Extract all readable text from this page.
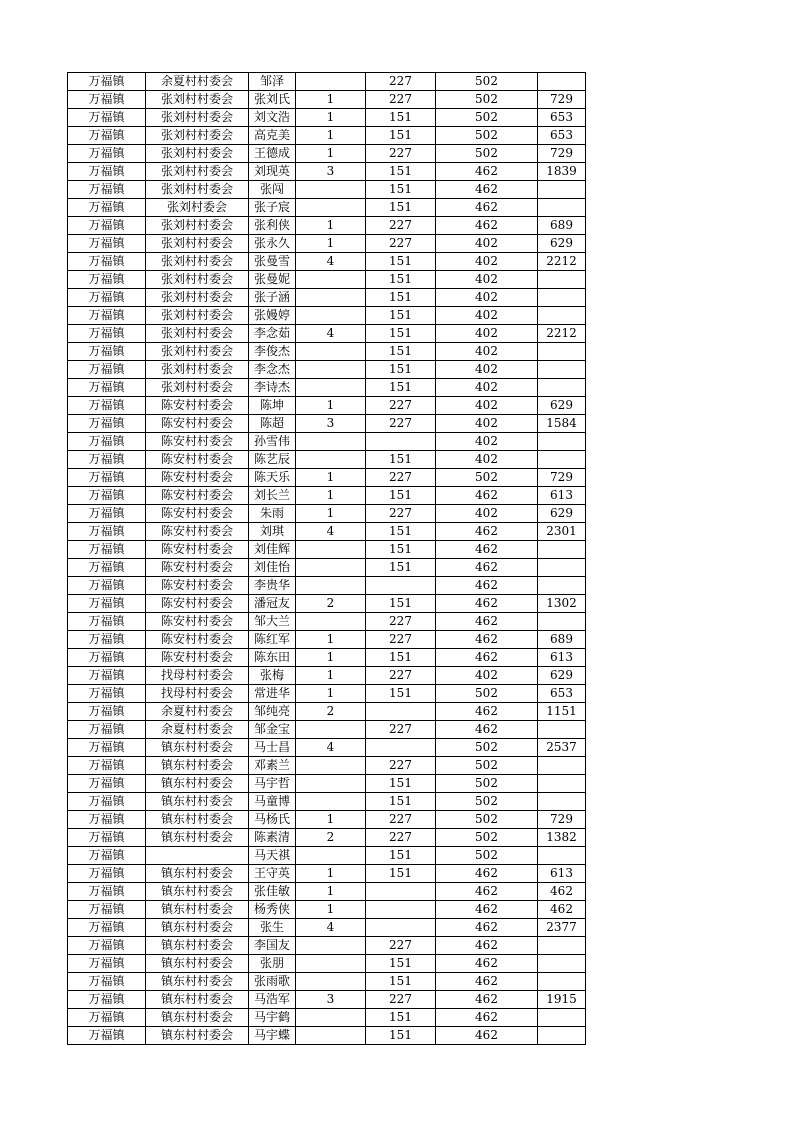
万福镇	余夏村村委会	邹泽		227	502	
万福镇	张刘村村委会	张刘氏	1	227	502	729
万福镇	张刘村村委会	刘文浩	1	151	502	653
万福镇	张刘村村委会	高克美	1	151	502	653
万福镇	张刘村村委会	王德成	1	227	502	729
万福镇	张刘村村委会	刘现英	3	151	462	1839
万福镇	张刘村村委会	张闯		151	462	
万福镇	张刘村委会	张子宸		151	462	
万福镇	张刘村村委会	张利侠	1	227	462	689
万福镇	张刘村村委会	张永久	1	227	402	629
万福镇	张刘村村委会	张曼雪	4	151	402	2212
万福镇	张刘村村委会	张曼妮		151	402	
万福镇	张刘村村委会	张子涵		151	402	
万福镇	张刘村村委会	张嫚婷		151	402	
万福镇	张刘村村委会	李念茹	4	151	402	2212
万福镇	张刘村村委会	李俊杰		151	402	
万福镇	张刘村村委会	李念杰		151	402	
万福镇	张刘村村委会	李诗杰		151	402	
万福镇	陈安村村委会	陈坤	1	227	402	629
万福镇	陈安村村委会	陈超	3	227	402	1584
万福镇	陈安村村委会	孙雪伟			402	
万福镇	陈安村村委会	陈艺辰		151	402	
万福镇	陈安村村委会	陈天乐	1	227	502	729
万福镇	陈安村村委会	刘长兰	1	151	462	613
万福镇	陈安村村委会	朱雨	1	227	402	629
万福镇	陈安村村委会	刘琪	4	151	462	2301
万福镇	陈安村村委会	刘佳辉		151	462	
万福镇	陈安村村委会	刘佳怡		151	462	
万福镇	陈安村村委会	李贵华			462	
万福镇	陈安村村委会	潘冠友	2	151	462	1302
万福镇	陈安村村委会	邹大兰		227	462	
万福镇	陈安村村委会	陈红军	1	227	462	689
万福镇	陈安村村委会	陈东田	1	151	462	613
万福镇	找母村村委会	张梅	1	227	402	629
万福镇	找母村村委会	常进华	1	151	502	653
万福镇	余夏村村委会	邹纯亮	2		462	1151
万福镇	余夏村村委会	邹金宝		227	462	
万福镇	镇东村村委会	马士昌	4		502	2537
万福镇	镇东村村委会	邓素兰		227	502	
万福镇	镇东村村委会	马宇哲		151	502	
万福镇	镇东村村委会	马童博		151	502	
万福镇	镇东村村委会	马杨氏	1	227	502	729
万福镇	镇东村村委会	陈素清	2	227	502	1382
万福镇		马天祺		151	502	
万福镇	镇东村村委会	王守英	1	151	462	613
万福镇	镇东村村委会	张佳敏	1		462	462
万福镇	镇东村村委会	杨秀侠	1		462	462
万福镇	镇东村村委会	张生	4		462	2377
万福镇	镇东村村委会	李国友		227	462	
万福镇	镇东村村委会	张朋		151	462	
万福镇	镇东村村委会	张雨歌		151	462	
万福镇	镇东村村委会	马浩军	3	227	462	1915
万福镇	镇东村村委会	马宇鹤		151	462	
万福镇	镇东村村委会	马宇蝶		151	462	
